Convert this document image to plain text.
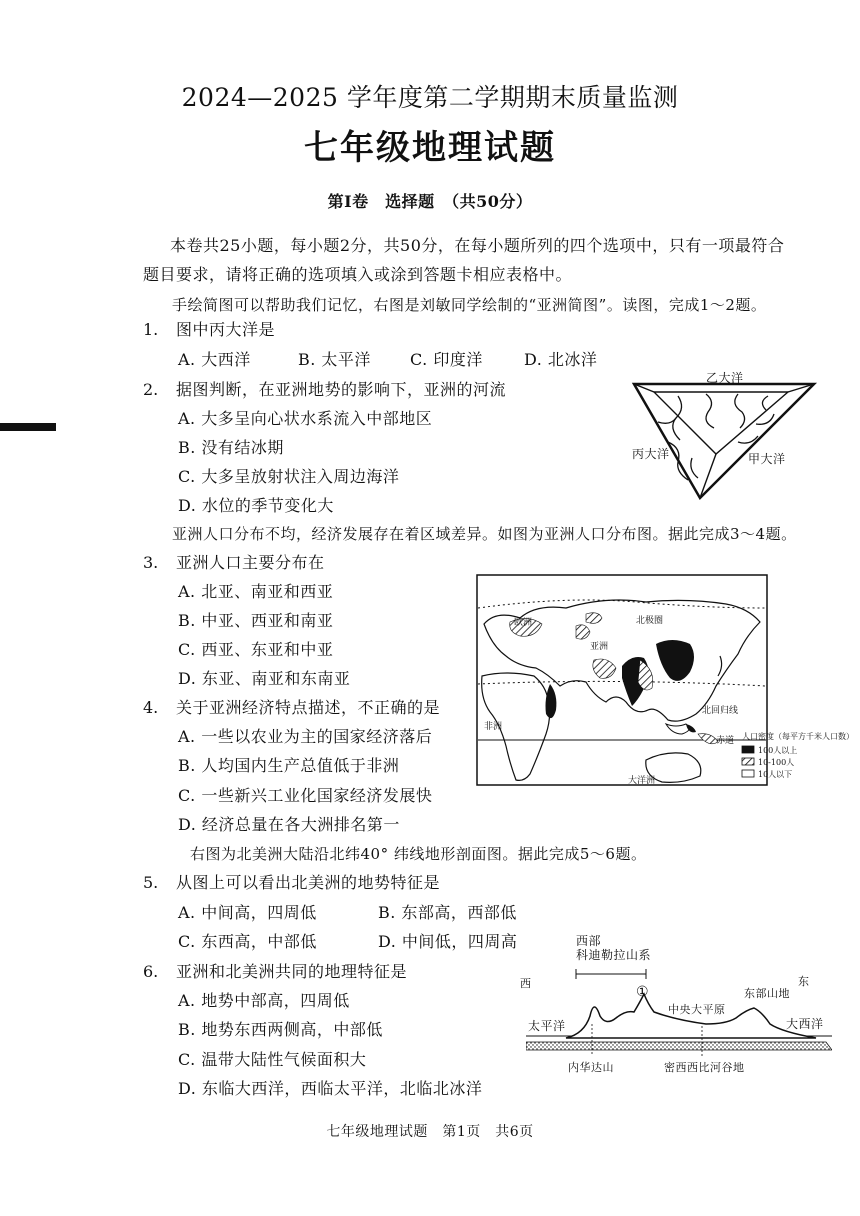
2024—2025 学年度第二学期期末质量监测
七年级地理试题
第Ⅰ卷　选择题　（共50分）
本卷共25小题，每小题2分，共50分，在每小题所列的四个选项中，只有一项最符合
题目要求，请将正确的选项填入或涂到答题卡相应表格中。
手绘简图可以帮助我们记忆，右图是刘敏同学绘制的“亚洲简图”。读图，完成1～2题。
1. 图中丙大洋是
A. 大西洋	B. 太平洋 C. 印度洋	D. 北冰洋
2. 据图判断，在亚洲地势的影响下，亚洲的河流
A. 大多呈向心状水系流入中部地区
B. 没有结冰期
C. 大多呈放射状注入周边海洋
D. 水位的季节变化大
乙大洋
丙大洋	甲大洋
亚洲人口分布不均，经济发展存在着区域差异。如图为亚洲人口分布图。据此完成3～4题。
3. 亚洲人口主要分布在
A. 北亚、南亚和西亚
B. 中亚、西亚和南亚
C. 西亚、东亚和中亚
D. 东亚、南亚和东南亚
欧洲	北极圈
亚洲
非洲
北回归线
赤道
大洋洲
人口密度（每平方千米人口数）
100人以上
10-100人
10人以下
4. 关于亚洲经济特点描述，不正确的是
A. 一些以农业为主的国家经济落后
B. 人均国内生产总值低于非洲
C. 一些新兴工业化国家经济发展快
D. 经济总量在各大洲排名第一
右图为北美洲大陆沿北纬40° 纬线地形剖面图。据此完成5～6题。
5. 从图上可以看出北美洲的地势特征是
A. 中间高，四周低	B. 东部高，西部低
C. 东西高，中部低	D. 中间低，四周高
6. 亚洲和北美洲共同的地理特征是
A. 地势中部高，四周低
B. 地势东西两侧高，中部低
C. 温带大陆性气候面积大
D. 东临大西洋，西临太平洋，北临北冰洋
西部
科迪勒拉山系
西	东
①
中央大平原
东部山地
太平洋	大西洋
内华达山	密西西比河谷地
七年级地理试题　第1页　共6页
